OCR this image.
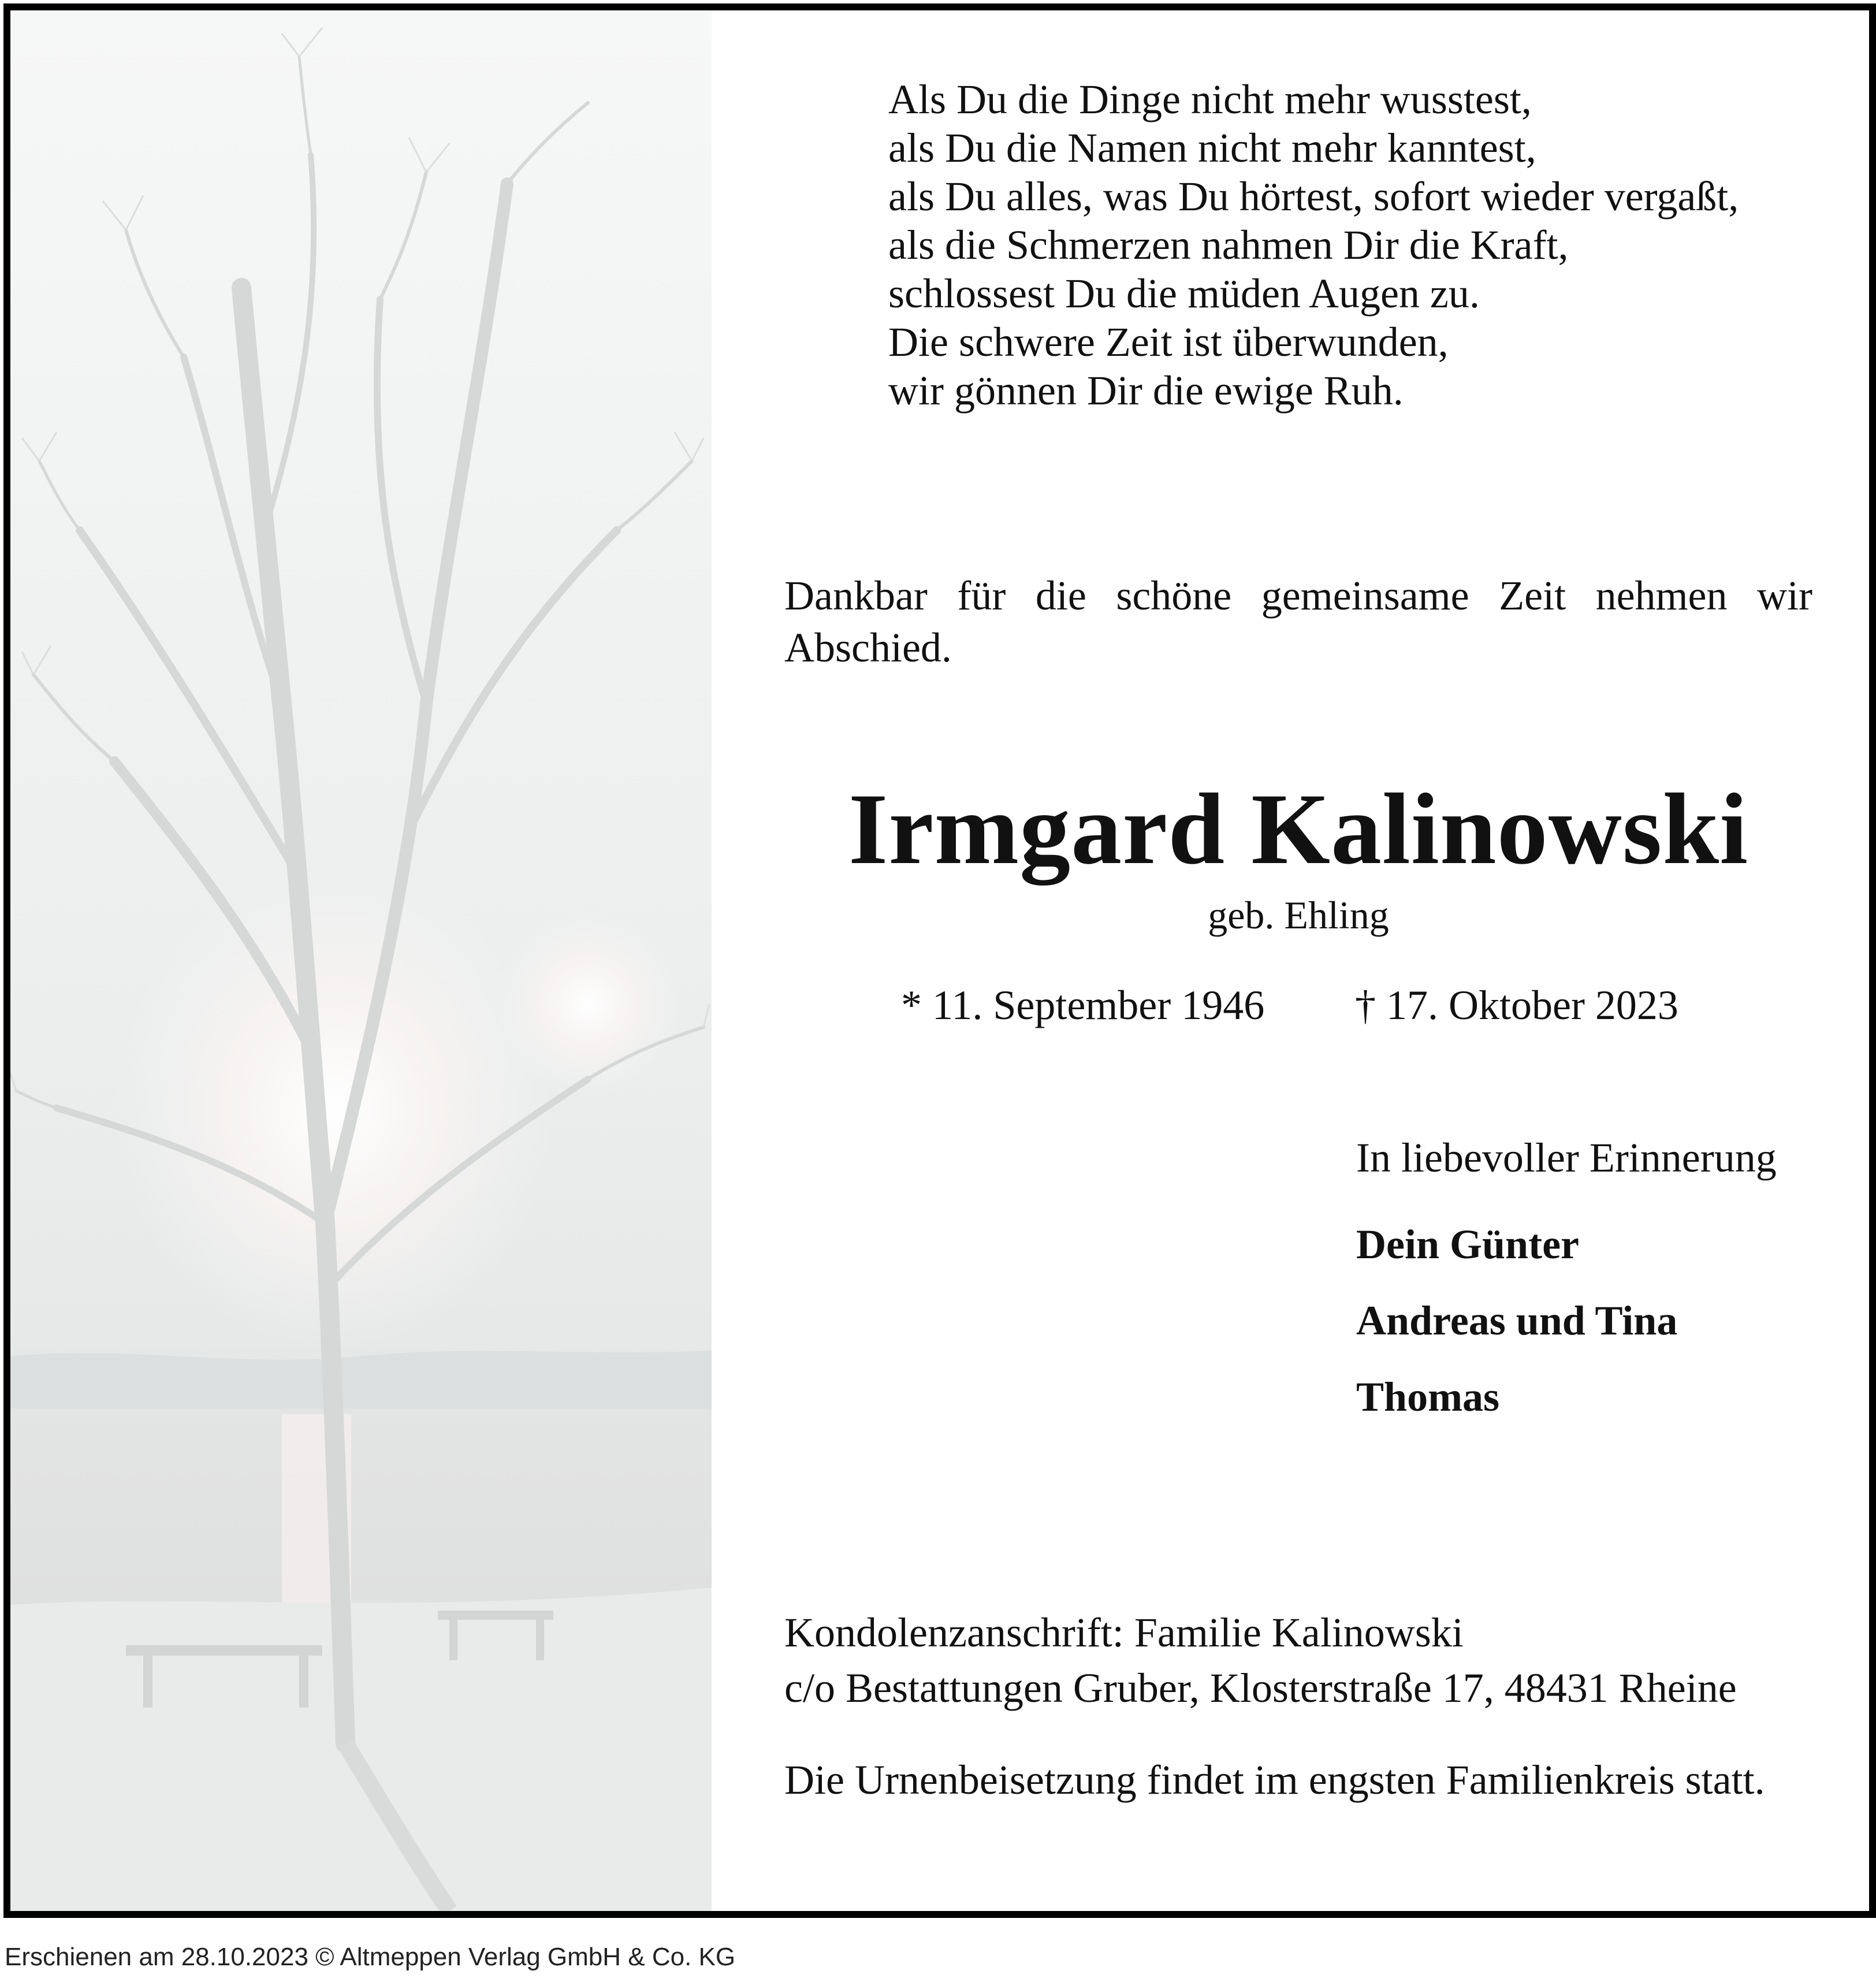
Als Du die Dinge nicht mehr wusstest,
als Du die Namen nicht mehr kanntest,
als Du alles, was Du hörtest, sofort wieder vergaßt,
als die Schmerzen nahmen Dir die Kraft,
schlossest Du die müden Augen zu.
Die schwere Zeit ist überwunden,
wir gönnen Dir die ewige Ruh.

Dankbar für die schöne gemeinsame Zeit nehmen wir Abschied.

Irmgard Kalinowski

geb. Ehling

* 11. September 1946 † 17. Oktober 2023

In liebevoller Erinnerung

Dein Günter
Andreas und Tina
Thomas

Kondolenzanschrift: Familie Kalinowski
c/o Bestattungen Gruber, Klosterstraße 17, 48431 Rheine

Die Urnenbeisetzung findet im engsten Familienkreis statt.

Erschienen am 28.10.2023 © Altmeppen Verlag GmbH & Co. KG
